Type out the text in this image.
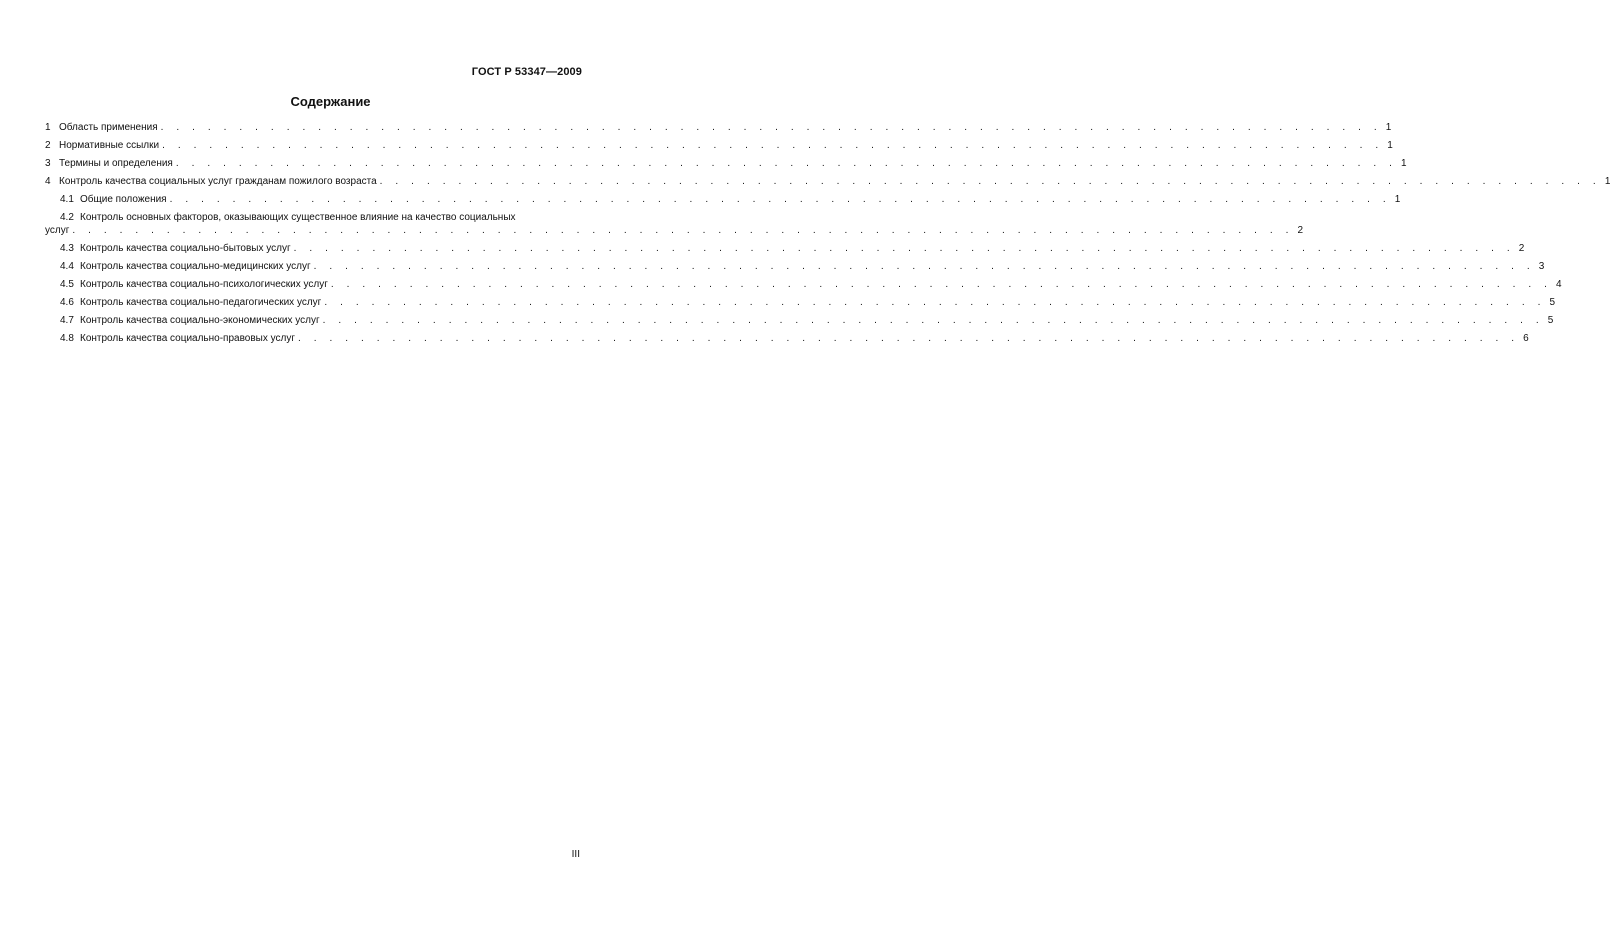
ГОСТ Р 53347—2009
Содержание
1 Область применения . . . . . . . . . . . . . . . . . . . . . . . . . . . . . . . . . . . . . . . . . . . . . . . . . . . . . . . . . . . . . . . . . . . . . . . . . . . . . . 1
2 Нормативные ссылки . . . . . . . . . . . . . . . . . . . . . . . . . . . . . . . . . . . . . . . . . . . . . . . . . . . . . . . . . . . . . . . . . . . . . . . . . . . . . . 1
3 Термины и определения . . . . . . . . . . . . . . . . . . . . . . . . . . . . . . . . . . . . . . . . . . . . . . . . . . . . . . . . . . . . . . . . . . . . . . . . . . . . . . 1
4 Контроль качества социальных услуг гражданам пожилого возраста . . . . . . . . . . . . . . . . . . . . . . . . . . . . . . . . . . . . . . . . . . . . . . . . . . . . . . . . . . . . . . . . . . . . . . . . . . . . . . 1
4.1 Общие положения . . . . . . . . . . . . . . . . . . . . . . . . . . . . . . . . . . . . . . . . . . . . . . . . . . . . . . . . . . . . . . . . . . . . . . . . . . . . . . 1
4.2 Контроль основных факторов, оказывающих существенное влияние на качество социальных
услуг . . . . . . . . . . . . . . . . . . . . . . . . . . . . . . . . . . . . . . . . . . . . . . . . . . . . . . . . . . . . . . . . . . . . . . . . . . . . . . 2
4.3 Контроль качества социально-бытовых услуг . . . . . . . . . . . . . . . . . . . . . . . . . . . . . . . . . . . . . . . . . . . . . . . . . . . . . . . . . . . . . . . . . . . . . . . . . . . . . . 2
4.4 Контроль качества социально-медицинских услуг . . . . . . . . . . . . . . . . . . . . . . . . . . . . . . . . . . . . . . . . . . . . . . . . . . . . . . . . . . . . . . . . . . . . . . . . . . . . . . 3
4.5 Контроль качества социально-психологических услуг . . . . . . . . . . . . . . . . . . . . . . . . . . . . . . . . . . . . . . . . . . . . . . . . . . . . . . . . . . . . . . . . . . . . . . . . . . . . . . 4
4.6 Контроль качества социально-педагогических услуг . . . . . . . . . . . . . . . . . . . . . . . . . . . . . . . . . . . . . . . . . . . . . . . . . . . . . . . . . . . . . . . . . . . . . . . . . . . . . . 5
4.7 Контроль качества социально-экономических услуг . . . . . . . . . . . . . . . . . . . . . . . . . . . . . . . . . . . . . . . . . . . . . . . . . . . . . . . . . . . . . . . . . . . . . . . . . . . . . . 5
4.8 Контроль качества социально-правовых услуг . . . . . . . . . . . . . . . . . . . . . . . . . . . . . . . . . . . . . . . . . . . . . . . . . . . . . . . . . . . . . . . . . . . . . . . . . . . . . . 6
III
